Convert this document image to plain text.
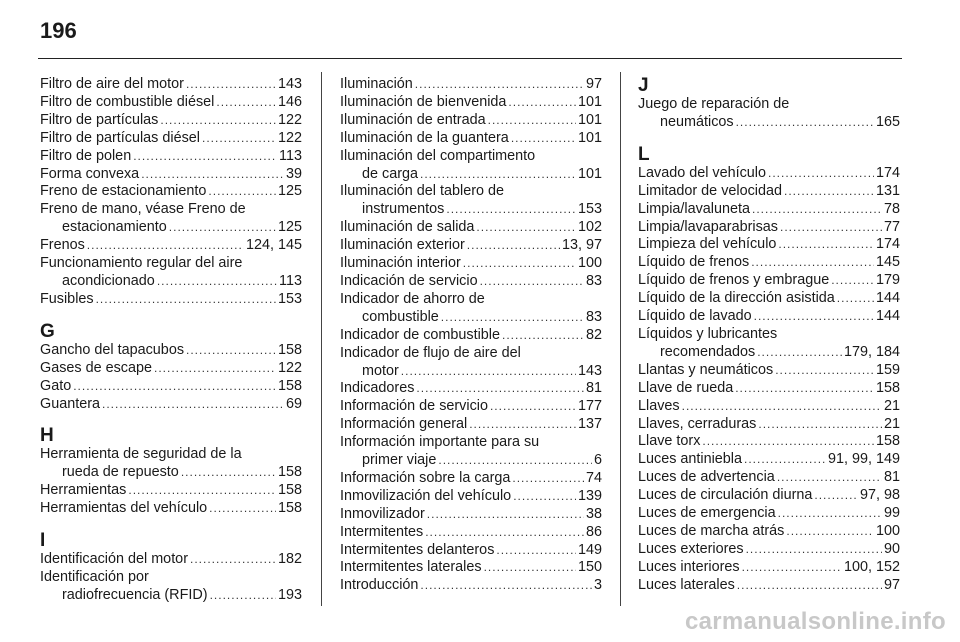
196
Filtro de aire del motor .....	143
Filtro de combustible diésel .....	146
Filtro de partículas .....	122
Filtro de partículas diésel .....	122
Filtro de polen .....	113
Forma convexa .....	39
Freno de estacionamiento .....	125
Freno de mano, véase Freno de
estacionamiento .....	125
Frenos .....	124, 145
Funcionamiento regular del aire
acondicionado .....	113
Fusibles .....	153
G
Gancho del tapacubos .....	158
Gases de escape .....	122
Gato .....	158
Guantera .....	69
H
Herramienta de seguridad de la
rueda de repuesto .....	158
Herramientas .....	158
Herramientas del vehículo .....	158
I
Identificación del motor .....	182
Identificación por
radiofrecuencia (RFID) .....	193
Iluminación .....	97
Iluminación de bienvenida .....	101
Iluminación de entrada .....	101
Iluminación de la guantera .....	101
Iluminación del compartimento
de carga .....	101
Iluminación del tablero de
instrumentos .....	153
Iluminación de salida .....	102
Iluminación exterior .....	13, 97
Iluminación interior .....	100
Indicación de servicio .....	83
Indicador de ahorro de
combustible .....	83
Indicador de combustible .....	82
Indicador de flujo de aire del
motor .....	143
Indicadores .....	81
Información de servicio .....	177
Información general .....	137
Información importante para su
primer viaje .....	6
Información sobre la carga .....	74
Inmovilización del vehículo .....	139
Inmovilizador .....	38
Intermitentes .....	86
Intermitentes delanteros .....	149
Intermitentes laterales .....	150
Introducción .....	3
J
Juego de reparación de
neumáticos .....	165
L
Lavado del vehículo .....	174
Limitador de velocidad .....	131
Limpia/lavaluneta .....	78
Limpia/lavaparabrisas .....	77
Limpieza del vehículo .....	174
Líquido de frenos .....	145
Líquido de frenos y embrague .....	179
Líquido de la dirección asistida .....	144
Líquido de lavado .....	144
Líquidos y lubricantes
recomendados .....	179, 184
Llantas y neumáticos .....	159
Llave de rueda .....	158
Llaves .....	21
Llaves, cerraduras .....	21
Llave torx .....	158
Luces antiniebla .....	91, 99, 149
Luces de advertencia .....	81
Luces de circulación diurna .....	97, 98
Luces de emergencia .....	99
Luces de marcha atrás .....	100
Luces exteriores .....	90
Luces interiores .....	100, 152
Luces laterales .....	97
carmanualsonline.info
